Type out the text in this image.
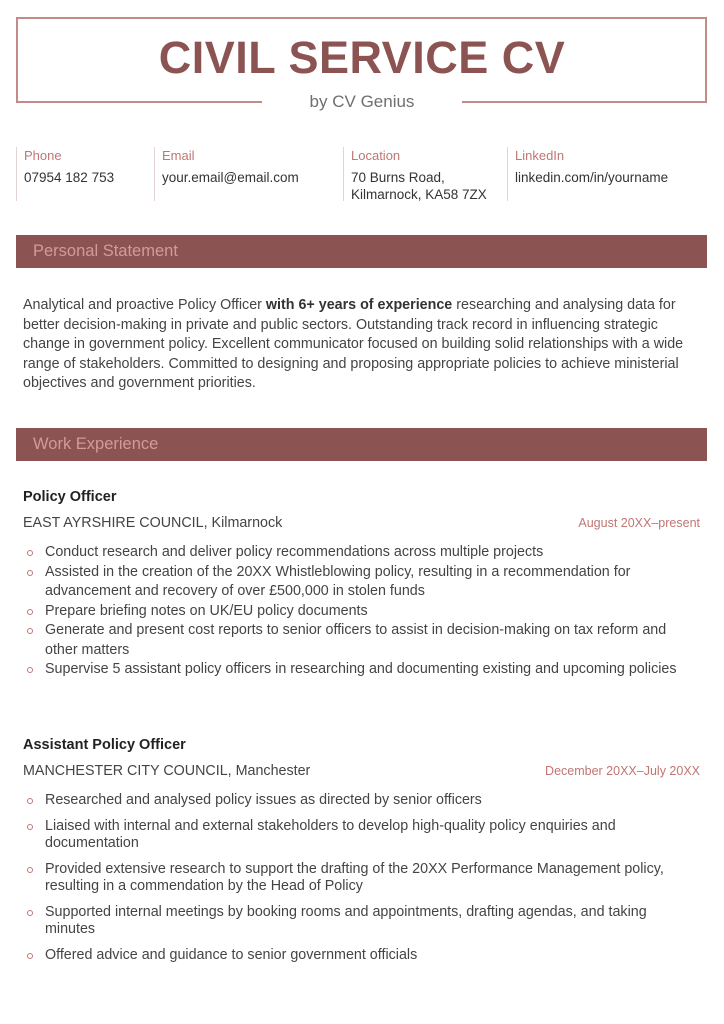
CIVIL SERVICE CV
by CV Genius
Phone
07954 182 753
Email
your.email@email.com
Location
70 Burns Road,
Kilmarnock, KA58 7ZX
LinkedIn
linkedin.com/in/yourname
Personal Statement

Analytical and proactive Policy Officer with 6+ years of experience researching and analysing data for better decision-making in private and public sectors. Outstanding track record in influencing strategic change in government policy. Excellent communicator focused on building solid relationships with a wide range of stakeholders. Committed to designing and proposing appropriate policies to achieve ministerial objectives and government priorities.

Work Experience
Policy Officer
EAST AYRSHIRE COUNCIL, Kilmarnock	August 20XX–present
Conduct research and deliver policy recommendations across multiple projects
Assisted in the creation of the 20XX Whistleblowing policy, resulting in a recommendation for advancement and recovery of over £500,000 in stolen funds
Prepare briefing notes on UK/EU policy documents
Generate and present cost reports to senior officers to assist in decision-making on tax reform and other matters
Supervise 5 assistant policy officers in researching and documenting existing and upcoming policies
Assistant Policy Officer
MANCHESTER CITY COUNCIL, Manchester	December 20XX–July 20XX
Researched and analysed policy issues as directed by senior officers
Liaised with internal and external stakeholders to develop high-quality policy enquiries and documentation
Provided extensive research to support the drafting of the 20XX Performance Management policy, resulting in a commendation by the Head of Policy
Supported internal meetings by booking rooms and appointments, drafting agendas, and taking minutes
Offered advice and guidance to senior government officials
